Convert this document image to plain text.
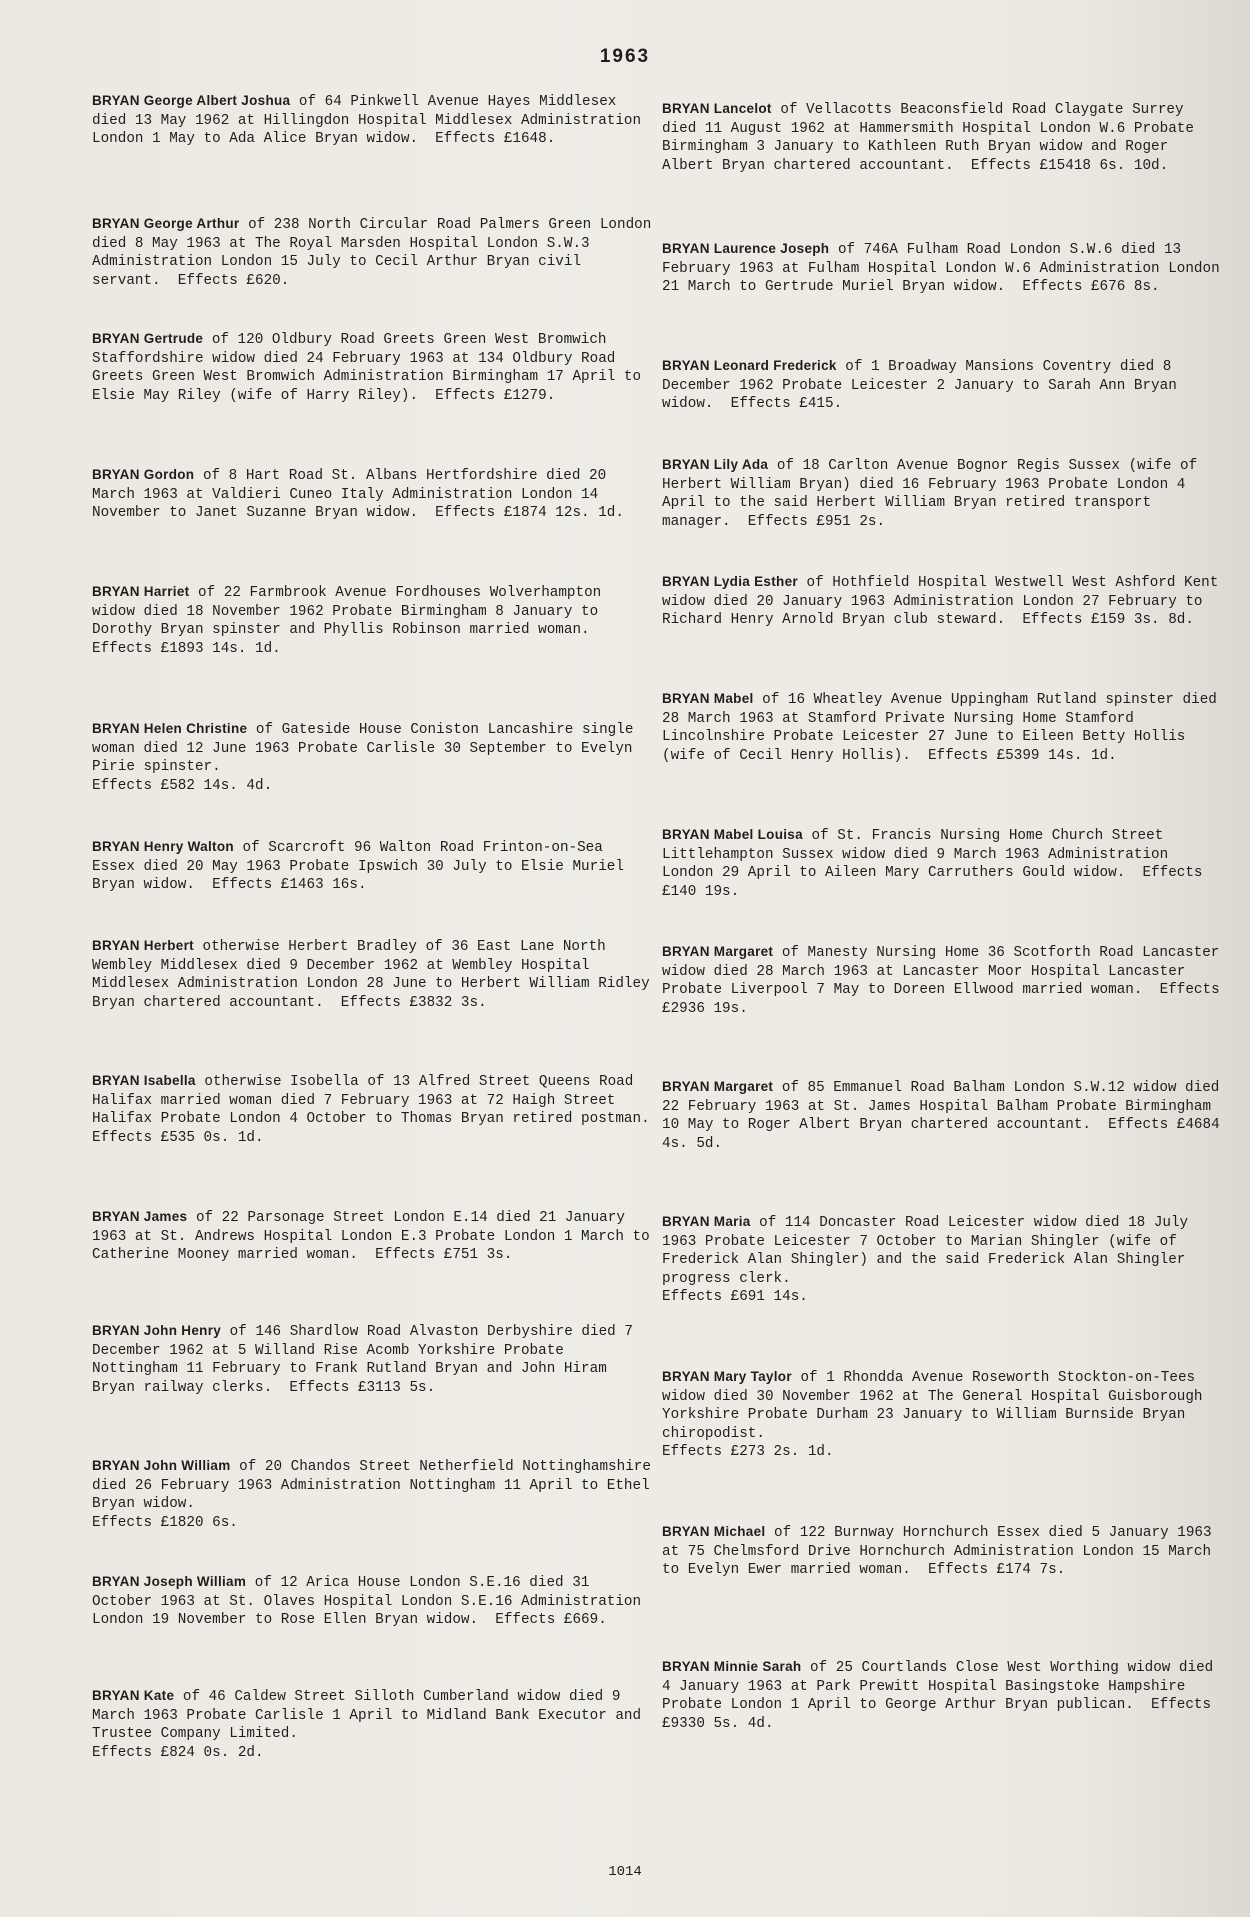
1963
BRYAN George Albert Joshua of 64 Pinkwell Avenue Hayes Middlesex died 13 May 1962 at Hillingdon Hospital Middlesex Administration London 1 May to Ada Alice Bryan widow.  Effects £1648.
BRYAN George Arthur of 238 North Circular Road Palmers Green London died 8 May 1963 at The Royal Marsden Hospital London S.W.3 Administration London 15 July to Cecil Arthur Bryan civil servant.  Effects £620.
BRYAN Gertrude of 120 Oldbury Road Greets Green West Bromwich Staffordshire widow died 24 February 1963 at 134 Oldbury Road Greets Green West Bromwich Administration Birmingham 17 April to Elsie May Riley (wife of Harry Riley).  Effects £1279.
BRYAN Gordon of 8 Hart Road St. Albans Hertfordshire died 20 March 1963 at Valdieri Cuneo Italy Administration London 14 November to Janet Suzanne Bryan widow.  Effects £1874 12s. 1d.
BRYAN Harriet of 22 Farmbrook Avenue Fordhouses Wolverhampton widow died 18 November 1962 Probate Birmingham 8 January to Dorothy Bryan spinster and Phyllis Robinson married woman.
Effects £1893 14s. 1d.
BRYAN Helen Christine of Gateside House Coniston Lancashire single woman died 12 June 1963 Probate Carlisle 30 September to Evelyn Pirie spinster.
Effects £582 14s. 4d.
BRYAN Henry Walton of Scarcroft 96 Walton Road Frinton-on-Sea Essex died 20 May 1963 Probate Ipswich 30 July to Elsie Muriel Bryan widow.  Effects £1463 16s.
BRYAN Herbert otherwise Herbert Bradley of 36 East Lane North Wembley Middlesex died 9 December 1962 at Wembley Hospital Middlesex Administration London 28 June to Herbert William Ridley Bryan chartered accountant.  Effects £3832 3s.
BRYAN Isabella otherwise Isobella of 13 Alfred Street Queens Road Halifax married woman died 7 February 1963 at 72 Haigh Street Halifax Probate London 4 October to Thomas Bryan retired postman.
Effects £535 0s. 1d.
BRYAN James of 22 Parsonage Street London E.14 died 21 January 1963 at St. Andrews Hospital London E.3 Probate London 1 March to Catherine Mooney married woman.  Effects £751 3s.
BRYAN John Henry of 146 Shardlow Road Alvaston Derbyshire died 7 December 1962 at 5 Willand Rise Acomb Yorkshire Probate Nottingham 11 February to Frank Rutland Bryan and John Hiram Bryan railway clerks.  Effects £3113 5s.
BRYAN John William of 20 Chandos Street Netherfield Nottinghamshire died 26 February 1963 Administration Nottingham 11 April to Ethel Bryan widow.
Effects £1820 6s.
BRYAN Joseph William of 12 Arica House London S.E.16 died 31 October 1963 at St. Olaves Hospital London S.E.16 Administration London 19 November to Rose Ellen Bryan widow.  Effects £669.
BRYAN Kate of 46 Caldew Street Silloth Cumberland widow died 9 March 1963 Probate Carlisle 1 April to Midland Bank Executor and Trustee Company Limited.
Effects £824 0s. 2d.
BRYAN Lancelot of Vellacotts Beaconsfield Road Claygate Surrey died 11 August 1962 at Hammersmith Hospital London W.6 Probate Birmingham 3 January to Kathleen Ruth Bryan widow and Roger Albert Bryan chartered accountant.  Effects £15418 6s. 10d.
BRYAN Laurence Joseph of 746A Fulham Road London S.W.6 died 13 February 1963 at Fulham Hospital London W.6 Administration London 21 March to Gertrude Muriel Bryan widow.  Effects £676 8s.
BRYAN Leonard Frederick of 1 Broadway Mansions Coventry died 8 December 1962 Probate Leicester 2 January to Sarah Ann Bryan widow.  Effects £415.
BRYAN Lily Ada of 18 Carlton Avenue Bognor Regis Sussex (wife of Herbert William Bryan) died 16 February 1963 Probate London 4 April to the said Herbert William Bryan retired transport manager.  Effects £951 2s.
BRYAN Lydia Esther of Hothfield Hospital Westwell West Ashford Kent widow died 20 January 1963 Administration London 27 February to Richard Henry Arnold Bryan club steward.  Effects £159 3s. 8d.
BRYAN Mabel of 16 Wheatley Avenue Uppingham Rutland spinster died 28 March 1963 at Stamford Private Nursing Home Stamford Lincolnshire Probate Leicester 27 June to Eileen Betty Hollis (wife of Cecil Henry Hollis).  Effects £5399 14s. 1d.
BRYAN Mabel Louisa of St. Francis Nursing Home Church Street Littlehampton Sussex widow died 9 March 1963 Administration London 29 April to Aileen Mary Carruthers Gould widow.  Effects £140 19s.
BRYAN Margaret of Manesty Nursing Home 36 Scotforth Road Lancaster widow died 28 March 1963 at Lancaster Moor Hospital Lancaster Probate Liverpool 7 May to Doreen Ellwood married woman.  Effects £2936 19s.
BRYAN Margaret of 85 Emmanuel Road Balham London S.W.12 widow died 22 February 1963 at St. James Hospital Balham Probate Birmingham 10 May to Roger Albert Bryan chartered accountant.  Effects £4684 4s. 5d.
BRYAN Maria of 114 Doncaster Road Leicester widow died 18 July 1963 Probate Leicester 7 October to Marian Shingler (wife of Frederick Alan Shingler) and the said Frederick Alan Shingler progress clerk.
Effects £691 14s.
BRYAN Mary Taylor of 1 Rhondda Avenue Roseworth Stockton-on-Tees widow died 30 November 1962 at The General Hospital Guisborough Yorkshire Probate Durham 23 January to William Burnside Bryan chiropodist.
Effects £273 2s. 1d.
BRYAN Michael of 122 Burnway Hornchurch Essex died 5 January 1963 at 75 Chelmsford Drive Hornchurch Administration London 15 March to Evelyn Ewer married woman.  Effects £174 7s.
BRYAN Minnie Sarah of 25 Courtlands Close West Worthing widow died 4 January 1963 at Park Prewitt Hospital Basingstoke Hampshire Probate London 1 April to George Arthur Bryan publican.  Effects £9330 5s. 4d.
1014
